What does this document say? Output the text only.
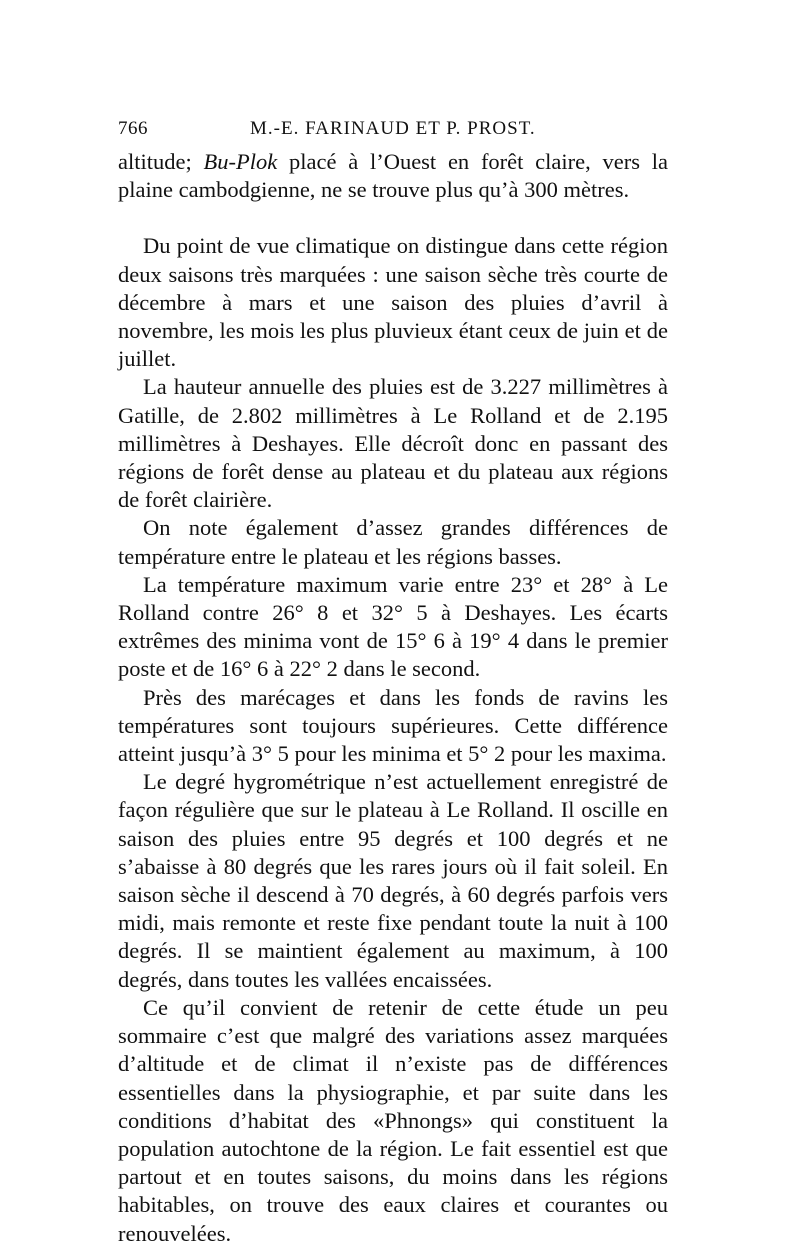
766	M.-E. FARINAUD ET P. PROST.

altitude; Bu-Plok placé à l’Ouest en forêt claire, vers la plaine cambodgienne, ne se trouve plus qu’à 300 mètres.

Du point de vue climatique on distingue dans cette région deux saisons très marquées : une saison sèche très courte de décembre à mars et une saison des pluies d’avril à novembre, les mois les plus pluvieux étant ceux de juin et de juillet.

La hauteur annuelle des pluies est de 3.227 millimètres à Gatille, de 2.802 millimètres à Le Rolland et de 2.195 millimètres à Deshayes. Elle décroît donc en passant des régions de forêt dense au plateau et du plateau aux régions de forêt clairière.

On note également d’assez grandes différences de température entre le plateau et les régions basses.

La température maximum varie entre 23° et 28° à Le Rolland contre 26° 8 et 32° 5 à Deshayes. Les écarts extrêmes des minima vont de 15° 6 à 19° 4 dans le premier poste et de 16° 6 à 22° 2 dans le second.

Près des marécages et dans les fonds de ravins les températures sont toujours supérieures. Cette différence atteint jusqu’à 3° 5 pour les minima et 5° 2 pour les maxima.

Le degré hygrométrique n’est actuellement enregistré de façon régulière que sur le plateau à Le Rolland. Il oscille en saison des pluies entre 95 degrés et 100 degrés et ne s’abaisse à 80 degrés que les rares jours où il fait soleil. En saison sèche il descend à 70 degrés, à 60 degrés parfois vers midi, mais remonte et reste fixe pendant toute la nuit à 100 degrés. Il se maintient également au maximum, à 100 degrés, dans toutes les vallées encaissées.

Ce qu’il convient de retenir de cette étude un peu sommaire c’est que malgré des variations assez marquées d’altitude et de climat il n’existe pas de différences essentielles dans la physiographie, et par suite dans les conditions d’habitat des «Phnongs» qui constituent la population autochtone de la région. Le fait essentiel est que partout et en toutes saisons, du moins dans les régions habitables, on trouve des eaux claires et courantes ou renouvelées.
